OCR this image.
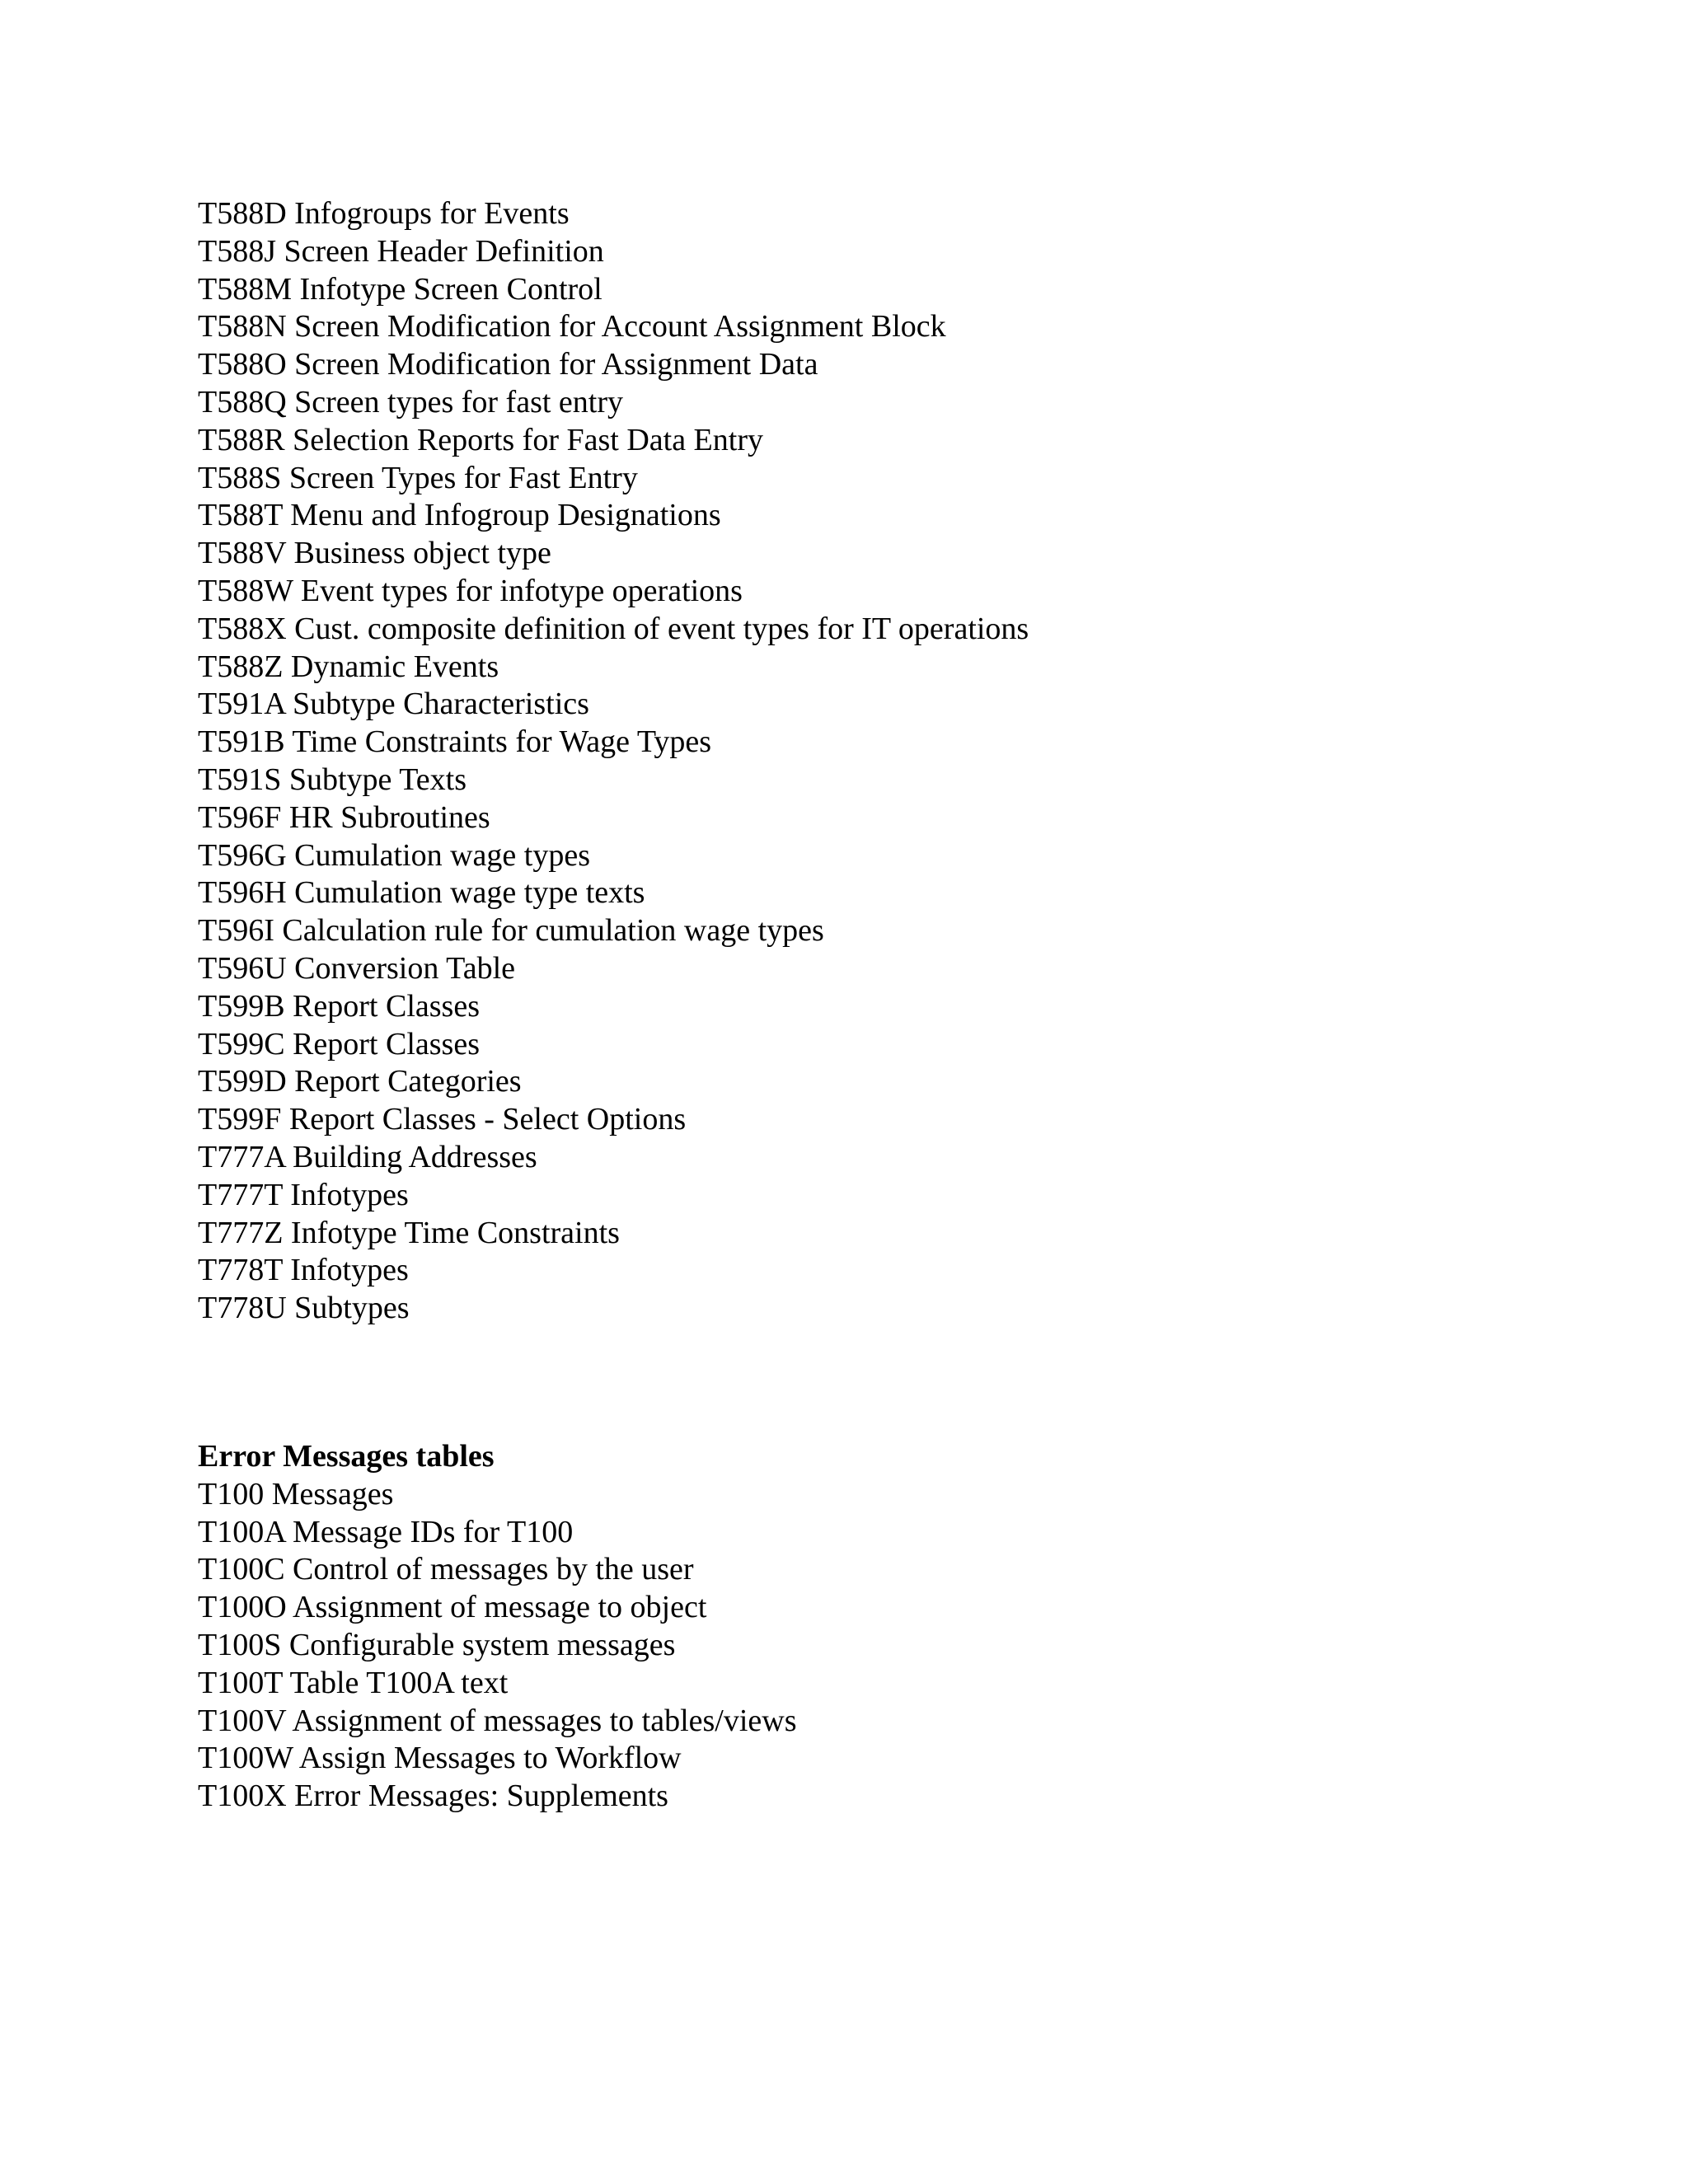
T588D Infogroups for Events
T588J Screen Header Definition
T588M Infotype Screen Control
T588N Screen Modification for Account Assignment Block
T588O Screen Modification for Assignment Data
T588Q Screen types for fast entry
T588R Selection Reports for Fast Data Entry
T588S Screen Types for Fast Entry
T588T Menu and Infogroup Designations
T588V Business object type
T588W Event types for infotype operations
T588X Cust. composite definition of event types for IT operations
T588Z Dynamic Events
T591A Subtype Characteristics
T591B Time Constraints for Wage Types
T591S Subtype Texts
T596F HR Subroutines
T596G Cumulation wage types
T596H Cumulation wage type texts
T596I Calculation rule for cumulation wage types
T596U Conversion Table
T599B Report Classes
T599C Report Classes
T599D Report Categories
T599F Report Classes - Select Options
T777A Building Addresses
T777T Infotypes
T777Z Infotype Time Constraints
T778T Infotypes
T778U Subtypes
Error Messages tables
T100 Messages
T100A Message IDs for T100
T100C Control of messages by the user
T100O Assignment of message to object
T100S Configurable system messages
T100T Table T100A text
T100V Assignment of messages to tables/views
T100W Assign Messages to Workflow
T100X Error Messages: Supplements
